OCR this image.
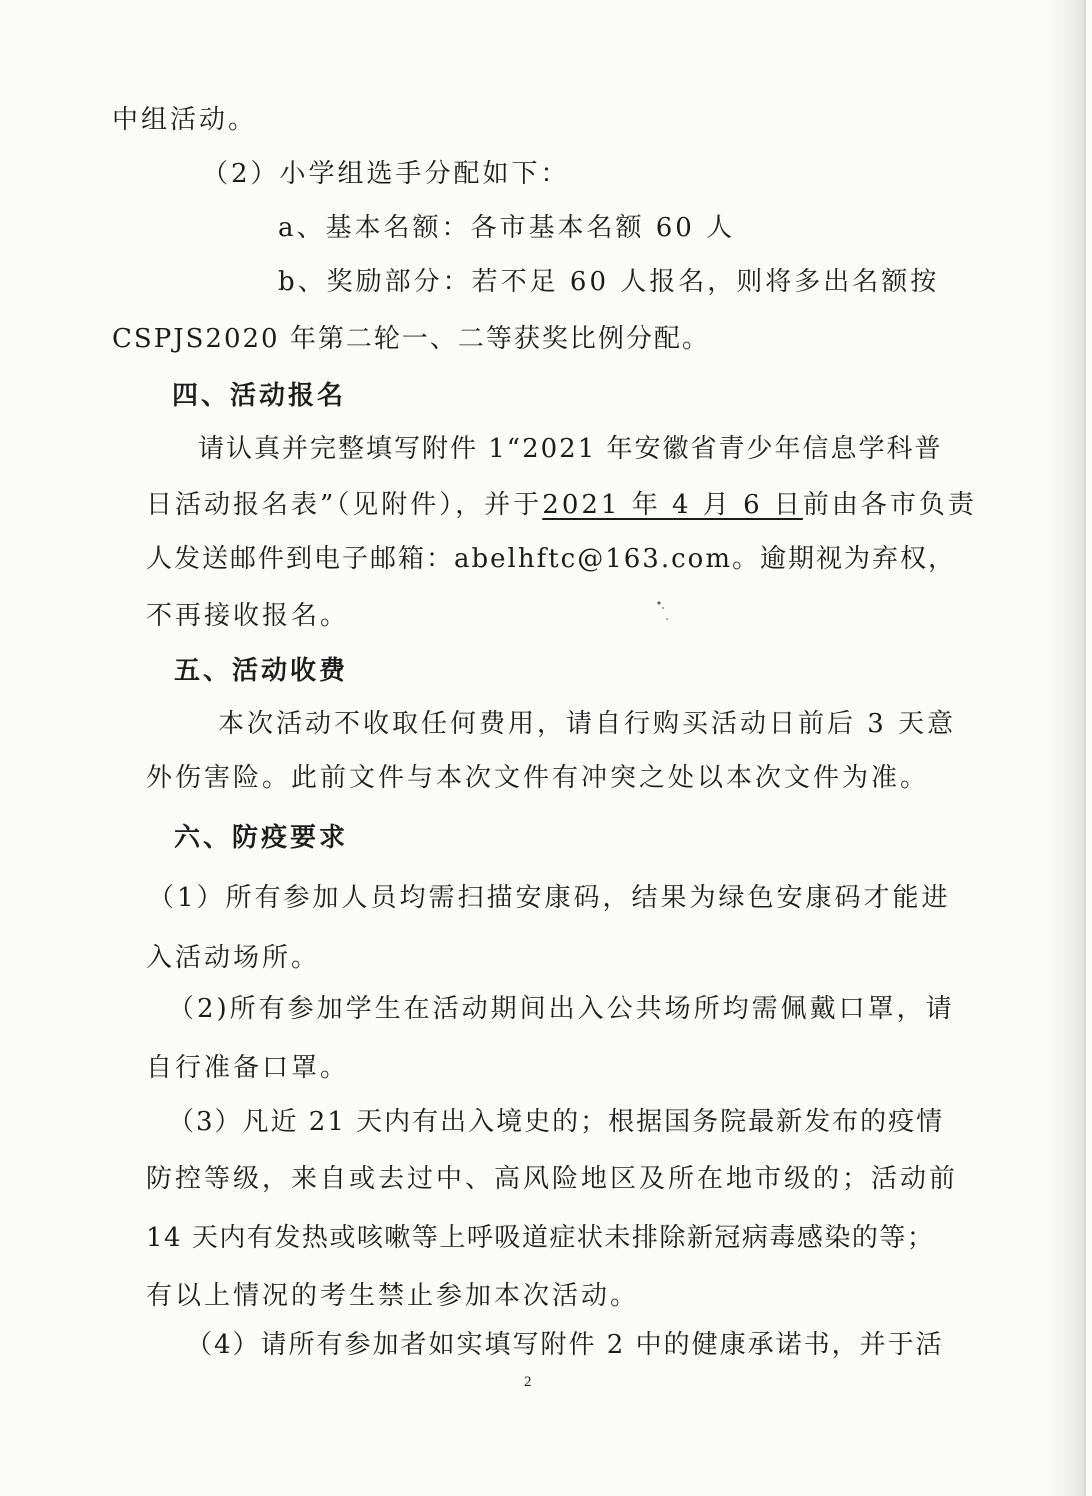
中组活动。
（2）小学组选手分配如下：
a、基本名额：各市基本名额 60 人
b、奖励部分：若不足 60 人报名，则将多出名额按
CSPJS2020 年第二轮一、二等获奖比例分配。
四、活动报名
请认真并完整填写附件 1“2021 年安徽省青少年信息学科普
日活动报名表”（见附件），并于2021 年 4 月 6 日前由各市负责
人发送邮件到电子邮箱：abelhftc@163.com。逾期视为弃权，
不再接收报名。
五、活动收费
本次活动不收取任何费用，请自行购买活动日前后 3 天意
外伤害险。此前文件与本次文件有冲突之处以本次文件为准。
六、防疫要求
（1）所有参加人员均需扫描安康码，结果为绿色安康码才能进
入活动场所。
（2)所有参加学生在活动期间出入公共场所均需佩戴口罩，请
自行准备口罩。
（3）凡近 21 天内有出入境史的；根据国务院最新发布的疫情
防控等级，来自或去过中、高风险地区及所在地市级的；活动前
14 天内有发热或咳嗽等上呼吸道症状未排除新冠病毒感染的等；
有以上情况的考生禁止参加本次活动。
（4）请所有参加者如实填写附件 2 中的健康承诺书，并于活
2
